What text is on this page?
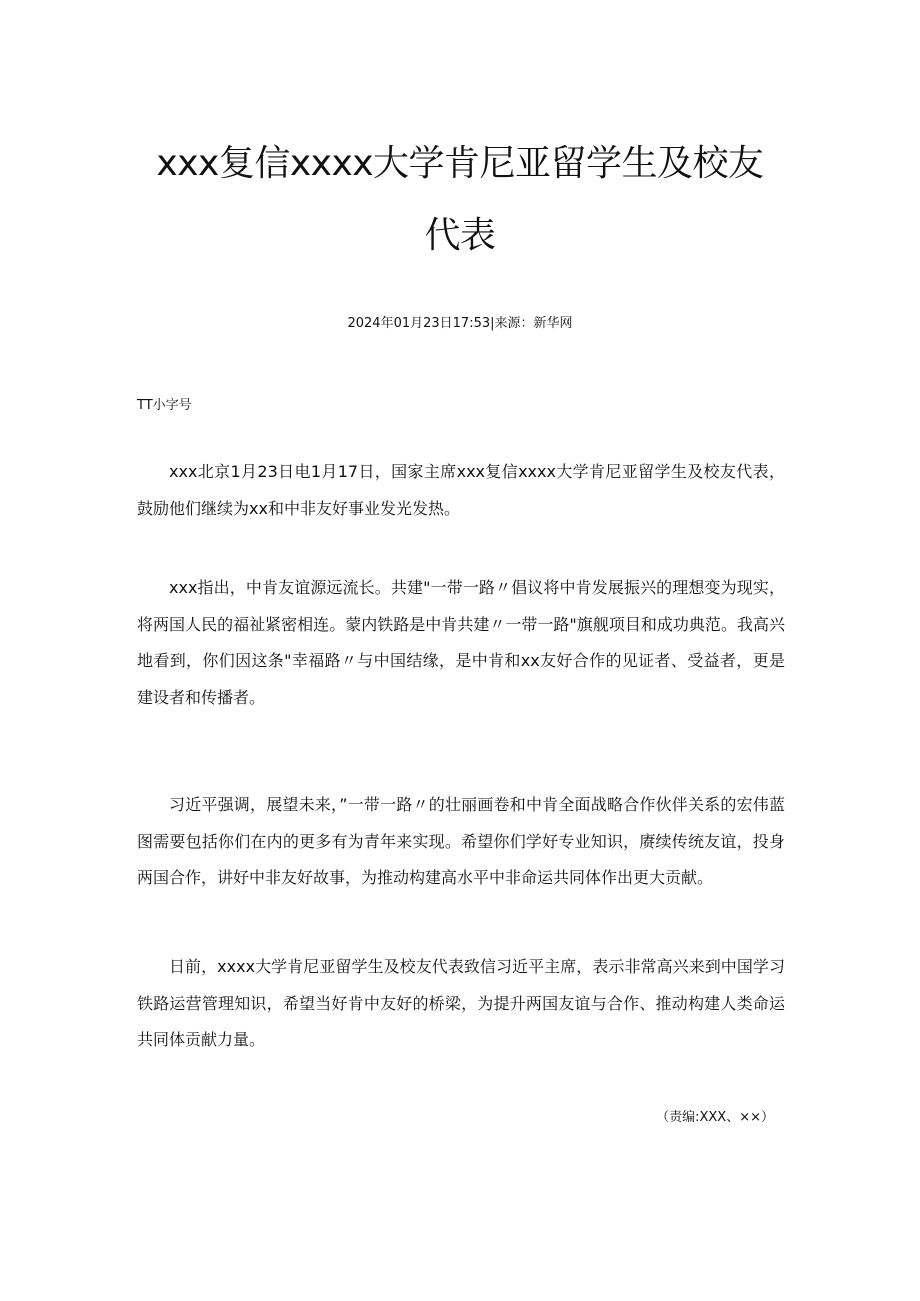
xxx复信xxxx大学肯尼亚留学生及校友
代表
2024年01月23日17:53|来源：新华网
TT小字号

xxx北京1月23日电1月17日，国家主席xxx复信xxxx大学肯尼亚留学生及校友代表，鼓励他们继续为xx和中非友好事业发光发热。

xxx指出，中肯友谊源远流长。共建"一带一路〃倡议将中肯发展振兴的理想变为现实，将两国人民的福祉紧密相连。蒙内铁路是中肯共建〃一带一路"旗舰项目和成功典范。我高兴地看到，你们因这条"幸福路〃与中国结缘，是中肯和xx友好合作的见证者、受益者，更是建设者和传播者。

习近平强调，展望未来，”一带一路〃的壮丽画卷和中肯全面战略合作伙伴关系的宏伟蓝图需要包括你们在内的更多有为青年来实现。希望你们学好专业知识，赓续传统友谊，投身两国合作，讲好中非友好故事，为推动构建高水平中非命运共同体作出更大贡献。

日前，xxxx大学肯尼亚留学生及校友代表致信习近平主席，表示非常高兴来到中国学习铁路运营管理知识，希望当好肯中友好的桥梁，为提升两国友谊与合作、推动构建人类命运共同体贡献力量。

（责编:XXX、××）
